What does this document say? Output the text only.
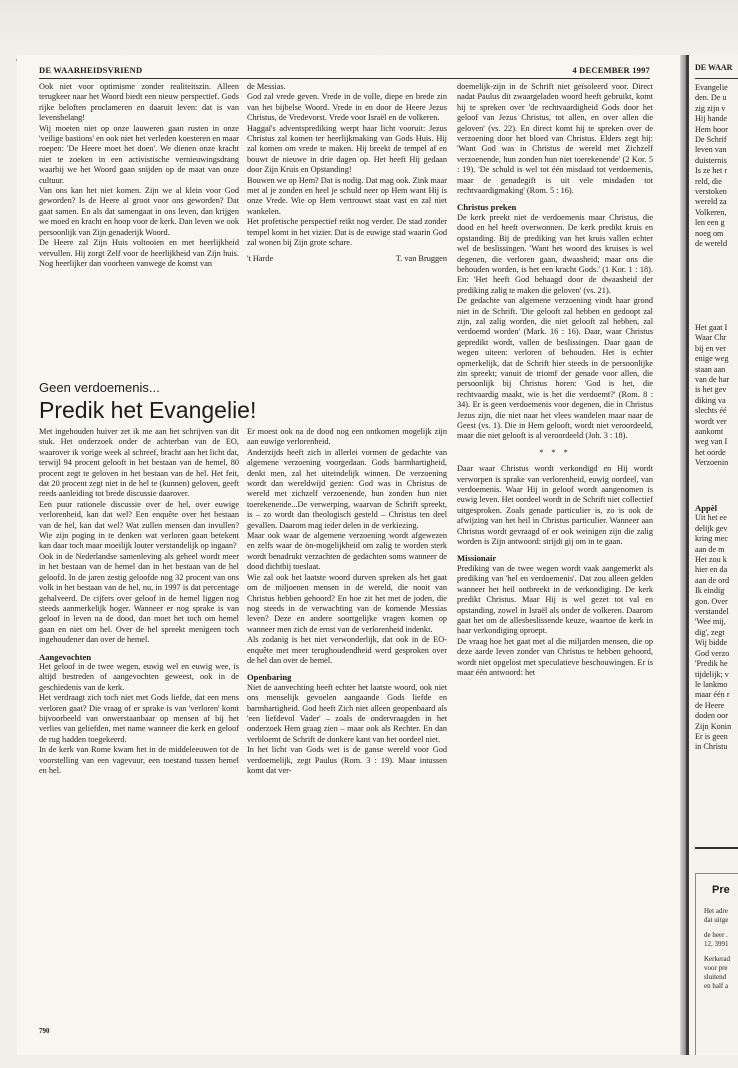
DE WAARHEIDSVRIEND	4 DECEMBER 1997

Ook niet voor optimisme zonder realiteitszin. Alleen terugkeer naar het Woord biedt een nieuw perspectief. Gods rijke beloften proclameren en daaruit leven: dat is van levensbelang!

Wij moeten niet op onze lauweren gaan rusten in onze 'veilige bastions' en ook niet het verleden koesteren en maar roepen: 'De Heere moet het doen'. We dienen onze kracht niet te zoeken in een activistische vernieuwingsdrang waarbij we het Woord gaan snijden op de maat van onze cultuur.

Van ons kan het niet komen. Zijn we al klein voor God geworden? Is de Heere al groot voor ons geworden? Dat gaat samen. En als dat samengaat in ons leven, dan krijgen we moed en kracht en hoop voor de kerk. Dan leven we ook persoonlijk van Zijn genaderijk Woord.

De Heere zal Zijn Huis voltooien en met heerlijkheid vervullen. Hij zorgt Zelf voor de heerlijkheid van Zijn huis. Nog heerlijker dan voorheen vanwege de komst van

de Messias.

God zal vrede geven. Vrede in de volle, diepe en brede zin van het bijbelse Woord. Vrede in en door de Heere Jezus Christus, de Vredevorst. Vrede voor Israël en de volkeren.

Haggaï's adventsprediking werpt haar licht vooruit: Jezus Christus zal komen ter heerlijkmaking van Gods Huis. Hij zal komen om vrede te maken. Hij breekt de tempel af en bouwt de nieuwe in drie dagen op. Het heeft Hij gedaan door Zijn Kruis en Opstanding!

Bouwen we op Hem? Dat is nodig. Dat mag ook. Zink maar met al je zonden en heel je schuld neer op Hem want Hij is onze Vrede. Wie op Hem vertrouwt staat vast en zal niet wankelen.

Het profetische perspectief reikt nog verder. De stad zonder tempel komt in het vizier. Dat is de euwige stad waarin God zal wonen bij Zijn grote schare.

't Harde	T. van Bruggen

doemelijk-zijn in de Schrift niet geïsoleerd voor. Direct nadat Paulus dit zwaargeladen woord heeft gebruikt, komt hij te spreken over 'de rechtvaardigheid Gods door het geloof van Jezus Christus, tot allen, en over allen die geloven' (vs. 22). En direct komt hij te spreken over de verzoening door het bloed van Christus. Elders zegt hij: 'Want God was in Christus de wereld met Zichzelf verzoenende, hun zonden hun niet toerekenende' (2 Kor. 5 : 19). 'De schuld is wel tot één misdaad tot verdoemenis, maar de genadegift is uit vele misdaden tot rechtvaardigmaking' (Rom. 5 : 16).

Christus preken

De kerk preekt niet de verdoemenis maar Christus, die dood en hel heeft overwonnen. De kerk predikt kruis en opstanding. Bij de prediking van het kruis vallen echter wel de beslissingen. 'Want het woord des kruises is wel degenen, die verloren gaan, dwaasheid; maar ons die behouden worden, is het een kracht Gods.' (1 Kor. 1 : 18). En: 'Het heeft God behaagd door de dwaasheid der prediking zalig te maken die geloven' (vs. 21).

De gedachte van algemene verzoening vindt haar grond niet in de Schrift. 'Die gelooft zal hebben en gedoopt zal zijn, zal zalig worden, die niet gelooft zal hebben, zal verdoemd worden' (Mark. 16 : 16). Daar, waar Christus gepredikt wordt, vallen de beslissingen. Daar gaan de wegen uiteen: verloren of behouden. Het is echter opmerkelijk, dat de Schrift hier steeds in de persoonlijke zin spreekt; vanuit de triomf der genade voor allen, die persoonlijk bij Christus horen: 'God is het, die rechtvaardig maakt, wie is het die verdoemt?' (Rom. 8 : 34). Er is geen verdoemenis voor degenen, die in Christus Jezus zijn, die niet naar het vlees wandelen maar naar de Geest (vs. 1). Die in Hem gelooft, wordt niet veroordeeld, maar die niet gelooft is al veroordeeld (Joh. 3 : 18).

* * *

Daar waar Christus wordt verkondigd en Hij wordt verworpen is sprake van verlorenheid, euwig oordeel, van verdoemenis. Waar Hij in geloof wordt aangenomen is euwig leven. Het oordeel wordt in de Schrift niet collectief uitgesproken. Zoals genade particulier is, zo is ook de afwijzing van het heil in Christus particulier. Wanneer aan Christus wordt gevraagd of er ook weinigen zijn die zalig worden is Zijn antwoord: strijdt gij om in te gaan.

Missionair

Prediking van de twee wegen wordt vaak aangemerkt als prediking van 'hel en verdoemenis'. Dat zou alleen gelden wanneer het heil ontbreekt in de verkondiging. De kerk predikt Christus. Maar Hij is wel gezet tot val en opstanding, zowel in Israël als onder de volkeren. Daarom gaat het om de allesbeslissende keuze, waartoe de kerk in haar verkondiging oproept.

De vraag hoe het gaat met al die miljarden mensen, die op deze aarde leven zonder van Christus te hebben gehoord, wordt niet opgelost met speculatieve beschouwingen. Er is maar één antwoord: het

Geen verdoemenis...
Predik het Evangelie!

Met ingehouden huiver zet ik me aan het schrijven van dit stuk. Het onderzoek onder de achterban van de EO, waarover ik vorige week al schreef, bracht aan het licht dat, terwijl 94 procent gelooft in het bestaan van de hemel, 80 procent zegt te geloven in het bestaan van de hel. Het feit, dat 20 procent zegt niet in de hel te (kunnen) geloven, geeft reeds aanleiding tot brede discussie daarover.

Een puur rationele discussie over de hel, over euwige verlorenheid, kan dat wel? Een enquête over het bestaan van de hel, kan dat wel? Wat zullen mensen dan invullen? Wie zijn poging in te denken wat verloren gaan betekent kan daar toch maar moeilijk louter verstandelijk op ingaan?

Ook in de Nederlandse samenleving als geheel wordt meer in het bestaan van de hemel dan in het bestaan van de hel geloofd. In de jaren zestig geloofde nog 32 procent van ons volk in het bestaan van de hel, nu, in 1997 is dat percentage gehalveerd. De cijfers over geloof in de hemel liggen nog steeds aanmerkelijk hoger. Wanneer er nog sprake is van geloof in leven na de dood, dan moet het toch om hemel gaan en niet om hel. Over de hel spreekt menigeen toch ingehoudener dan over de hemel.

Aangevochten

Het geloof in de twee wegen, euwig wel en euwig wee, is altijd bestreden of aangevochten geweest, ook in de geschiedenis van de kerk.

Het verdraagt zich toch niet met Gods liefde, dat een mens verloren gaat? Die vraag of er sprake is van 'verloren' komt bijvoorbeeld van onwerstaanbaar op mensen af bij het verlies van geliefden, met name wanneer die kerk en geloof de rug hadden toegekeerd.

In de kerk van Rome kwam het in de middeleeuwen tot de voorstelling van een vagevuur, een toestand tussen hemel en hel.

Er moest ook na de dood nog een ontkomen mogelijk zijn aan euwige verlorenheid.

Anderzijds heeft zich in allerlei vormen de gedachte van algemene verzoening voorgedaan. Gods barmhartigheid, denkt men, zal het uiteindelijk winnen. De verzoening wordt dan wereldwijd gezien: God was in Christus de wereld met zichzelf verzoenende, hun zonden hun niet toerekenende...De verwerping, waarvan de Schrift spreekt, is – zo wordt dan theologisch gesteld – Christus ten deel gevallen. Daarom mag ieder delen in de verkiezing.

Maar ook waar de algemene verzoening wordt afgewezen en zelfs waar de ön-mogelijkheid om zalig te worden sterk wordt benadrukt verzachten de gedachten soms wanneer de dood dichtbij toeslaat.

Wie zal ook het laatste woord durven spreken als het gaat om de miljoenen mensen in de wereld, die nooit van Christus hebben gehoord? En hoe zit het met de joden, die nog steeds in de verwachting van de komende Messias leven? Deze en andere soortgelijke vragen komen op wanneer men zich de ernst van de verlorenheid indenkt.

Als zodanig is het niet verwonderlijk, dat ook in de EO-enquête met meer terughoudendheid werd gesproken over de hel dan over de hemel.

Openbaring

Niet de aanvechting heeft echter het laatste woord, ook niet ons menselijk gevoelen aangaande Gods liefde en barmhartigheid. God heeft Zich niet alleen geopenbaard als 'een liefdevol Vader' – zoals de ondervraagden in het onderzoek Hem graag zien – maar ook als Rechter. En dan verbloemt de Schrift de donkere kant van het oordeel niet.

In het licht van Gods wet is de ganse wereld voor God verdoemelijk, zegt Paulus (Rom. 3 : 19). Maar intussen komt dat ver-

790
DE WAAR
Evangelie
den. De u
zig zijn v
Hij hande
Hem hoor
De Schrif
leven van
duisternis
Is ze het r
reld, die
verstoken
wereld za
Volkeren,
len een g
noeg om
de wereld
Het gaat I
Waar Chr
bij en ver
enige weg
staan aan
van de har
is het gev
diking va
slechts éé
wordt ver
aankomt
weg van I
het oorde
Verzoenin
Appèl
Uit het ee
delijk gev
kring mec
aan de m
Het zou k
hier en da
aan de ord
Ik eindig
gon. Over
verstandel
'Wee mij,
dig', zegt
Wij bidde
God verzo
'Predik he
tijdelijk; v
le lankmo
maar één r
de Heere
doden oor
Zijn Konin
Er is geen
in Christu
Pre
Het adre
dat uitge
de heer .
12, 3991
Kerkerad
voor pre
sluitend
en half a
